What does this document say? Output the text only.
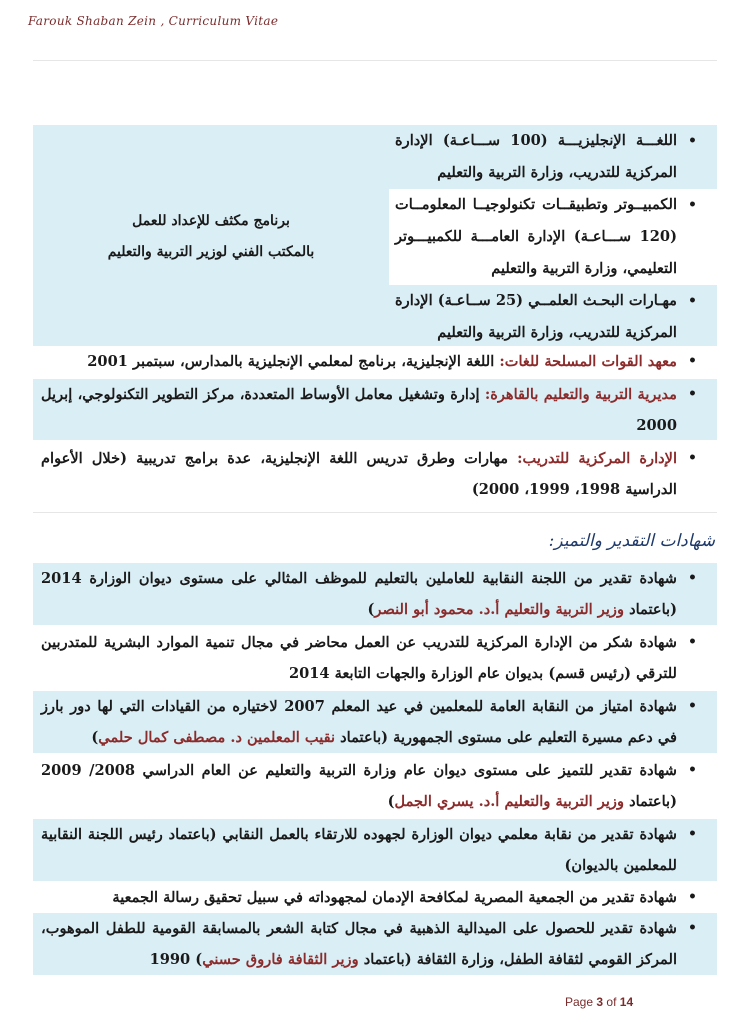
Farouk Shaban Zein , Curriculum Vitae
• اللغـــة الإنجليزيـــة (100 ســـاعـة) الإدارة المركزية للتدريب، وزارة التربية والتعليم

برنامج مكثف للإعداد للعمل
بالمكتب الفني لوزير التربية والتعليم

• الكمبيــوتر وتطبيقــات تكنولوجيــا المعلومــات (120 ســـاعـة) الإدارة العامـــة للكمبيـــوتر التعليمي، وزارة التربية والتعليم

• مهـارات البحـث العلمــي (25 ســاعـة) الإدارة المركزية للتدريب، وزارة التربية والتعليم
• معهد القوات المسلحة للغات: اللغة الإنجليزية، برنامج لمعلمي الإنجليزية بالمدارس، سبتمبر 2001
• مديرية التربية والتعليم بالقاهرة: إدارة وتشغيل معامل الأوساط المتعددة، مركز التطوير التكنولوجي، إبريل 2000
• الإدارة المركزية للتدريب: مهارات وطرق تدريس اللغة الإنجليزية، عدة برامج تدريبية (خلال الأعوام الدراسية 1998، 1999، 2000)
شهادات التقدير والتميز:
• شهادة تقدير من اللجنة النقابية للعاملين بالتعليم للموظف المثالي على مستوى ديوان الوزارة 2014 (باعتماد وزير التربية والتعليم أ.د. محمود أبو النصر)
• شهادة شكر من الإدارة المركزية للتدريب عن العمل محاضر في مجال تنمية الموارد البشرية للمتدربين للترقي (رئيس قسم) بديوان عام الوزارة والجهات التابعة 2014
• شهادة امتياز من النقابة العامة للمعلمين في عيد المعلم 2007 لاختياره من القيادات التي لها دور بارز في دعم مسيرة التعليم على مستوى الجمهورية (باعتماد نقيب المعلمين د. مصطفى كمال حلمي)
• شهادة تقدير للتميز على مستوى ديوان عام وزارة التربية والتعليم عن العام الدراسي 2008/ 2009 (باعتماد وزير التربية والتعليم أ.د. يسري الجمل)
• شهادة تقدير من نقابة معلمي ديوان الوزارة لجهوده للارتقاء بالعمل النقابي (باعتماد رئيس اللجنة النقابية للمعلمين بالديوان)
• شهادة تقدير من الجمعية المصرية لمكافحة الإدمان لمجهوداته في سبيل تحقيق رسالة الجمعية
• شهادة تقدير للحصول على الميدالية الذهبية في مجال كتابة الشعر بالمسابقة القومية للطفل الموهوب، المركز القومي لثقافة الطفل، وزارة الثقافة (باعتماد وزير الثقافة فاروق حسني) 1990
Page 3 of 14
